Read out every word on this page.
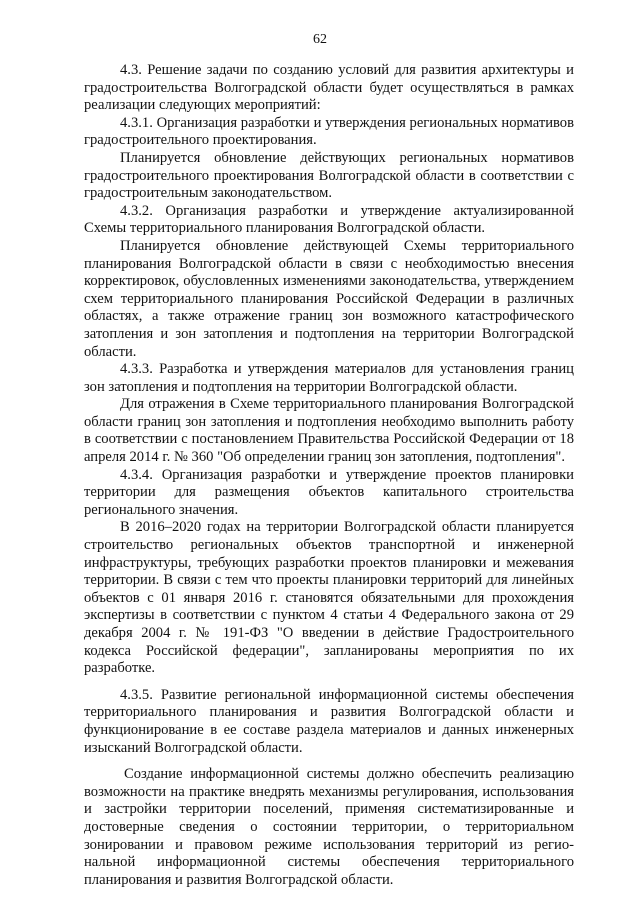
62

4.3. Решение задачи по созданию условий для развития архитектуры и градостроительства Волгоградской области будет осуществляться в рамках реализации следующих мероприятий:

4.3.1. Организация разработки и утверждения региональных нормативов градостроительного проектирования.

Планируется обновление действующих региональных нормативов градостроительного проектирования Волгоградской области в соответствии с градостроительным законодательством.

4.3.2. Организация разработки и утверждение актуализированной Схемы территориального планирования Волгоградской области.

Планируется обновление действующей Схемы территориального планирования Волгоградской области в связи с необходимостью внесения корректировок, обусловленных изменениями законодательства, утверждением схем территориального планирования Российской Федерации в различных областях, а также отражение границ зон возможного катастрофического затопления и зон затопления и подтопления на территории Волгоградской области.

4.3.3. Разработка и утверждения материалов для установления границ зон затопления и подтопления на территории Волгоградской области.

Для отражения в Схеме территориального планирования Волгоградской области границ зон затопления и подтопления необходимо выполнить работу в соответствии с постановлением Правительства Российской Федерации от 18 апреля 2014 г. № 360 "Об определении границ зон затопления, подтопления".

4.3.4. Организация разработки и утверждение проектов планировки территории для размещения объектов капитального строительства регионального значения.

В 2016–2020 годах на территории Волгоградской области планируется строительство региональных объектов транспортной и инженерной инфраструктуры, требующих разработки проектов планировки и межевания территории. В связи с тем что проекты планировки территорий для линейных объектов с 01 января 2016 г. становятся обязательными для прохождения экспертизы в соответствии с пунктом 4 статьи 4 Федерального закона от 29 декабря 2004 г. № 191-ФЗ "О введении в действие Градостроительного кодекса Российской федерации", запланированы мероприятия по их разработке.

4.3.5. Развитие региональной информационной системы обеспечения территориального планирования и развития Волгоградской области и функционирование в ее составе раздела материалов и данных инженерных изысканий Волгоградской области.

Создание информационной системы должно обеспечить реализацию возможности на практике внедрять механизмы регулирования, использования и застройки территории поселений, применяя систематизированные и достоверные сведения о состоянии территории, о территориальном зонировании и правовом режиме использования территорий из регио- нальной информационной системы обеспечения территориального планирования и развития Волгоградской области.
